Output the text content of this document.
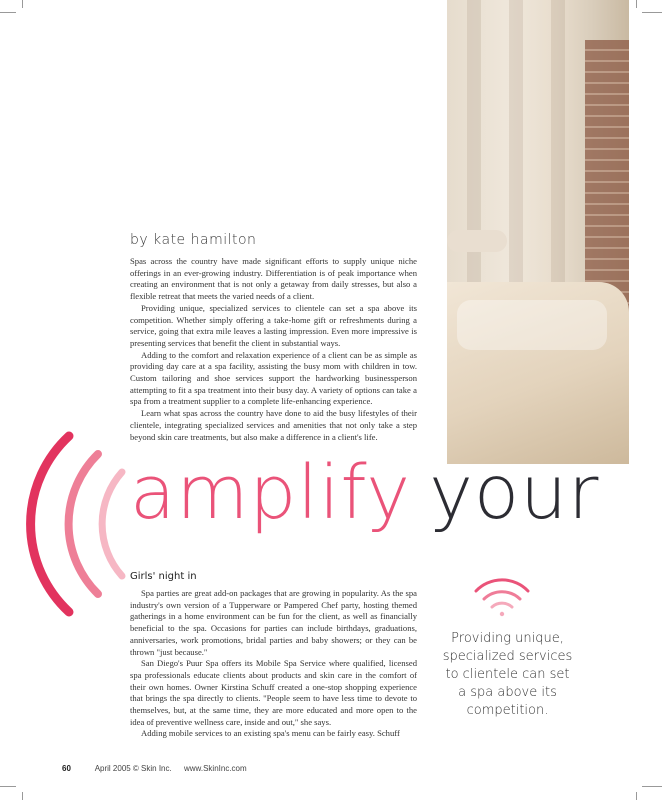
by kate hamilton

Spas across the country have made significant efforts to supply unique niche offerings in an ever-growing industry. Differentiation is of peak importance when creating an environment that is not only a getaway from daily stresses, but also a flexible retreat that meets the varied needs of a client.

Providing unique, specialized services to clientele can set a spa above its competition. Whether simply offering a take-home gift or refreshments during a service, going that extra mile leaves a lasting impression. Even more impressive is presenting services that benefit the client in substantial ways.

Adding to the comfort and relaxation experience of a client can be as simple as providing day care at a spa facility, assisting the busy mom with children in tow. Custom tailoring and shoe services support the hardworking businessperson attempting to fit a spa treatment into their busy day. A variety of options can take a spa from a treatment supplier to a complete life-enhancing experience.

Learn what spas across the country have done to aid the busy lifestyles of their clientele, integrating specialized services and amenities that not only take a step beyond skin care treatments, but also make a difference in a client's life.

amplify your
Girls' night in

Spa parties are great add-on packages that are growing in popularity. As the spa industry's own version of a Tupperware or Pampered Chef party, hosting themed gatherings in a home environment can be fun for the client, as well as financially beneficial to the spa. Occasions for parties can include birthdays, graduations, anniversaries, work promotions, bridal parties and baby showers; or they can be thrown "just because."

San Diego's Puur Spa offers its Mobile Spa Service where qualified, licensed spa professionals educate clients about products and skin care in the comfort of their own homes. Owner Kirstina Schuff created a one-stop shopping experience that brings the spa directly to clients. "People seem to have less time to devote to themselves, but, at the same time, they are more educated and more open to the idea of preventive wellness care, inside and out," she says.

Adding mobile services to an existing spa's menu can be fairly easy. Schuff

Providing unique, specialized services to clientele can set a spa above its competition.
60	April 2005 © Skin Inc. www.SkinInc.com
